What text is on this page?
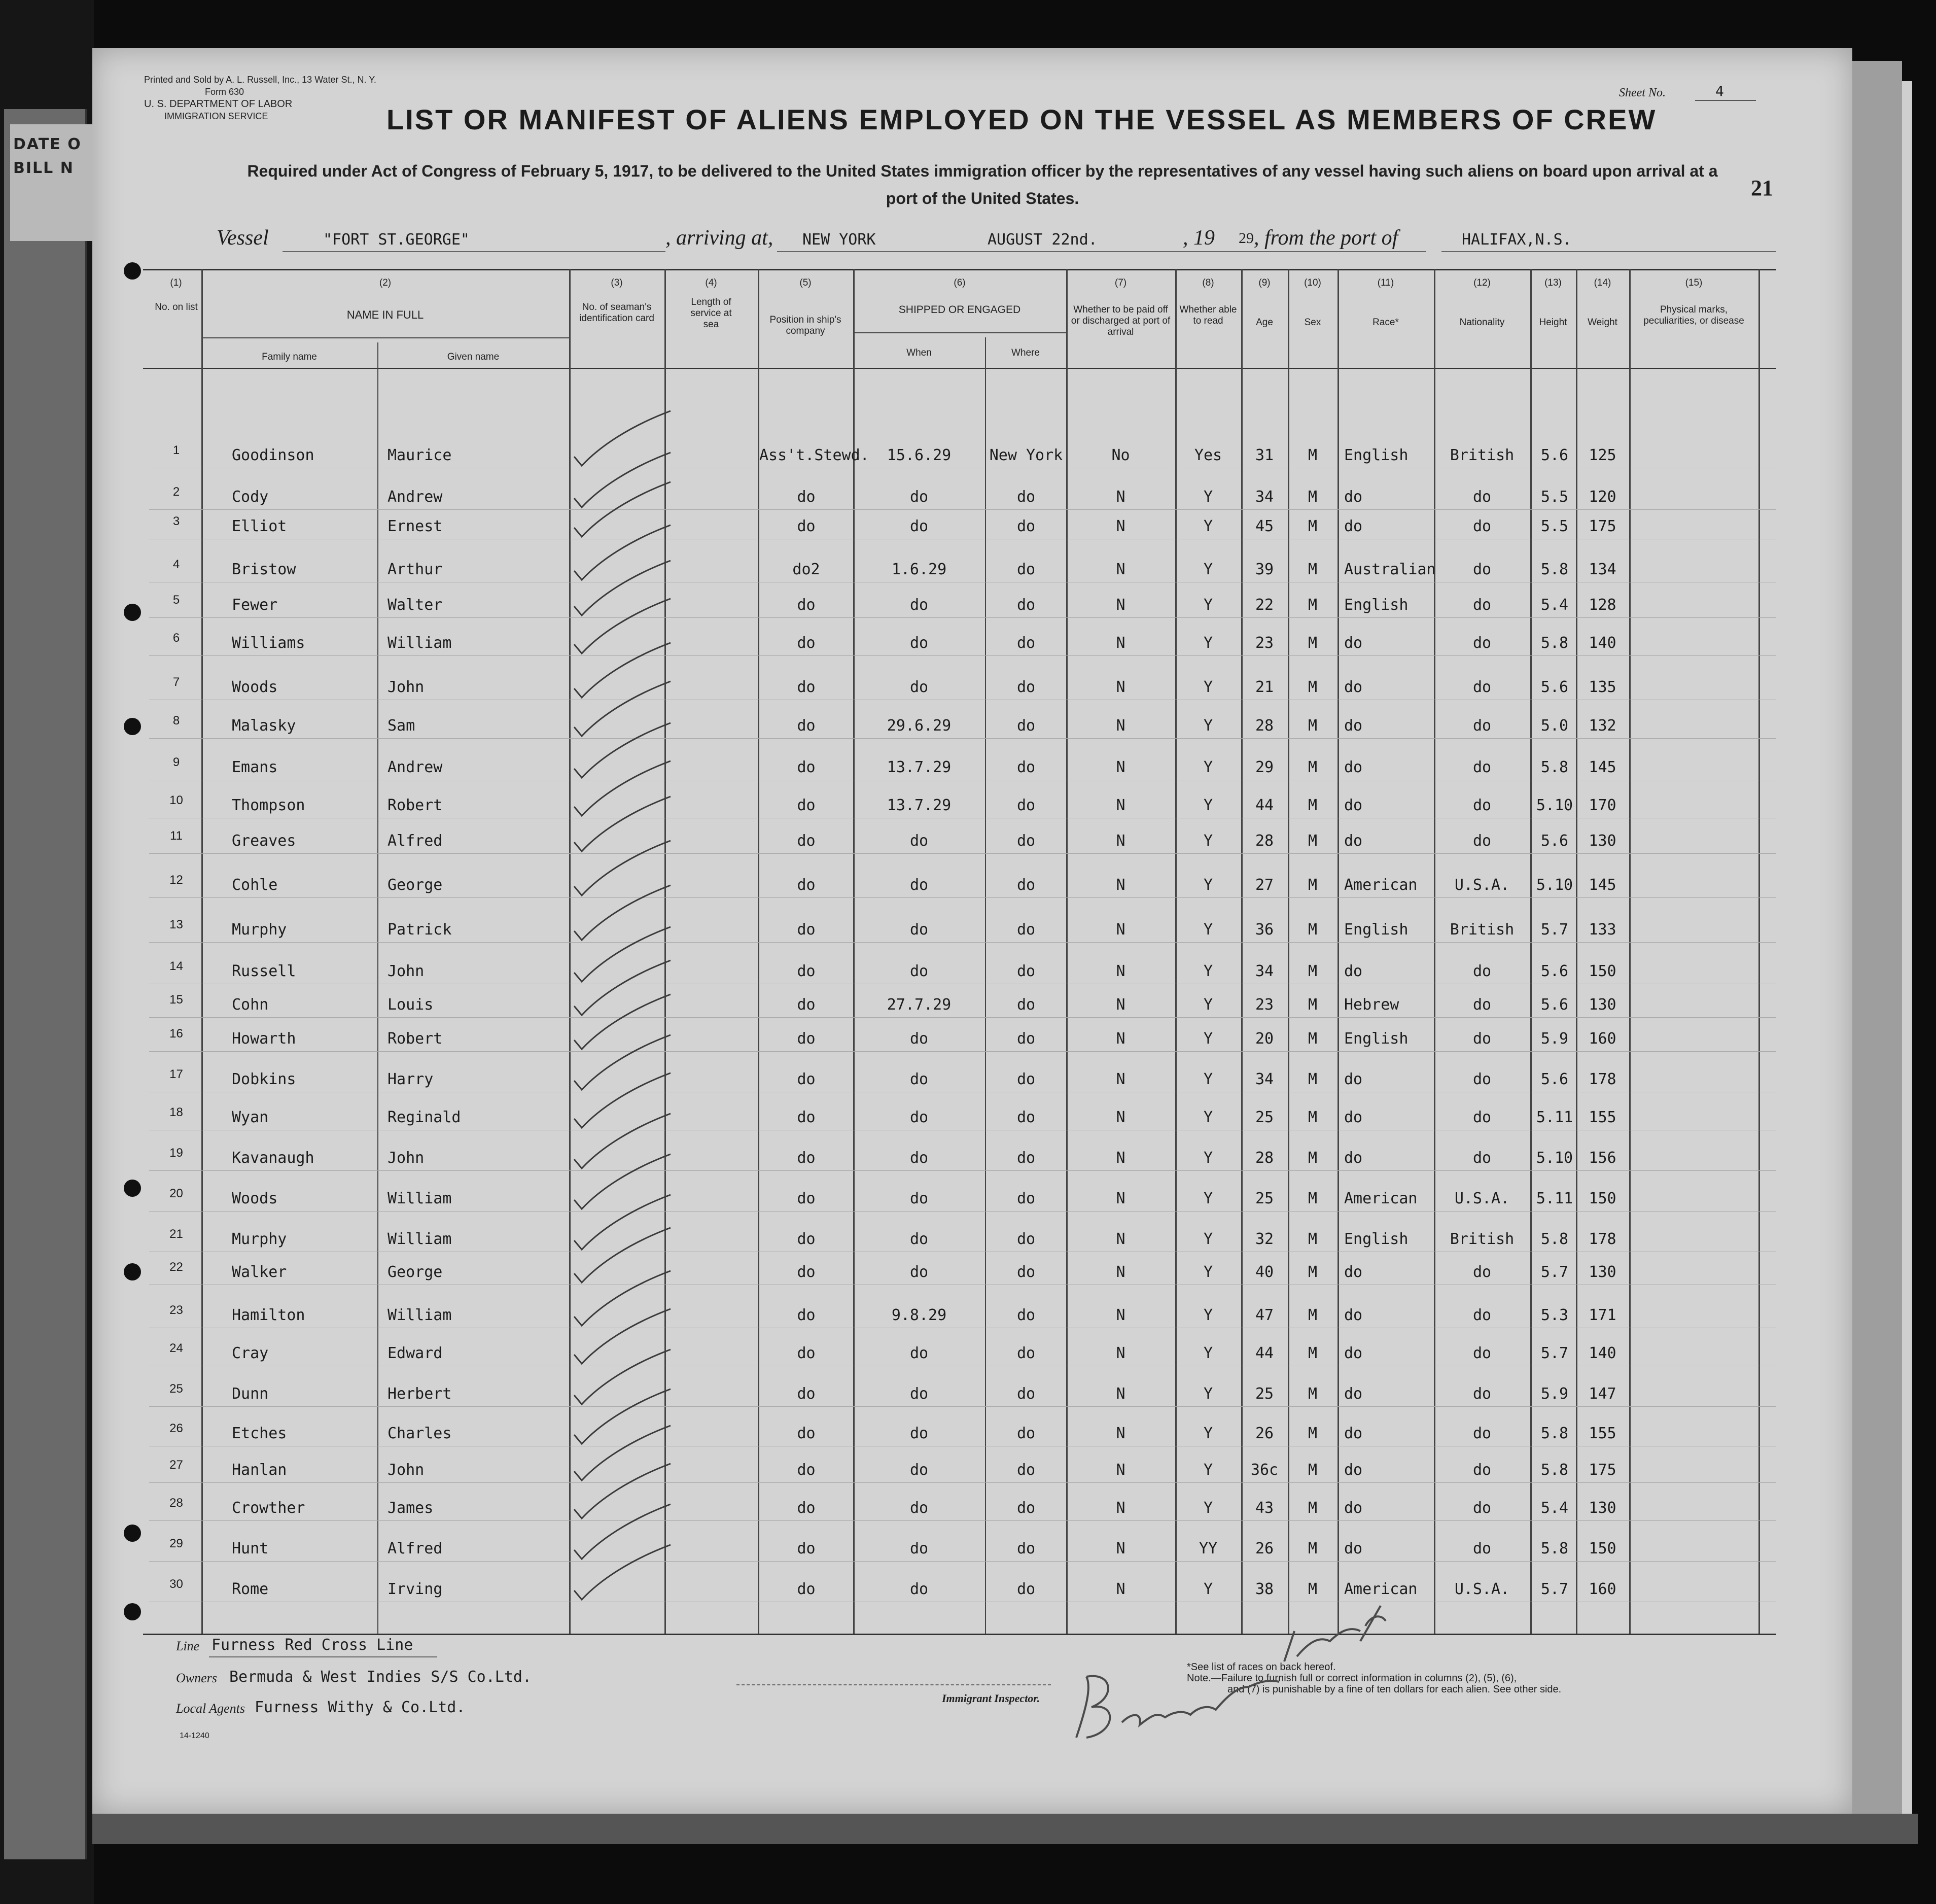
DATE O
BILL N
Printed and Sold by A. L. Russell, Inc., 13 Water St., N. Y.
Form 630
U. S. DEPARTMENT OF LABOR
IMMIGRATION SERVICE
Sheet No.	4
LIST OR MANIFEST OF ALIENS EMPLOYED ON THE VESSEL AS MEMBERS OF CREW
Required under Act of Congress of February 5, 1917, to be delivered to the United States immigration officer by the representatives of any vessel having such aliens on board upon arrival at a
port of the United States.	21
Vessel	"FORT ST.GEORGE"	, arriving at, NEW YORK	AUGUST 22nd.	, 19 29 , from the port of	HALIFAX,N.S.
(1)
No. on list
(2)
NAME IN FULL
Family name	Given name
(3)
No. of seaman's identification card
(4)
Length of service at sea
(5)
Position in ship's company
(6)
SHIPPED OR ENGAGED
When	Where
(7)
Whether to be paid off or discharged at port of arrival
(8)
Whether able to read
(9)
Age
(10)
Sex
(11)
Race*
(12)
Nationality
(13)
Height
(14)
Weight
(15)
Physical marks, peculiarities, or disease
1	Goodinson	Maurice	Ass't.Stewd.	15.6.29	New York	No	Yes	31	M	English	British	5.6	125
2	Cody	Andrew	do	do	do	N	Y	34	M	do	do	5.5	120
3	Elliot	Ernest	do	do	do	N	Y	45	M	do	do	5.5	175
4	Bristow	Arthur	do2	1.6.29	do	N	Y	39	M	Australian	do	5.8	134
5	Fewer	Walter	do	do	do	N	Y	22	M	English	do	5.4	128
6	Williams	William	do	do	do	N	Y	23	M	do	do	5.8	140
7	Woods	John	do	do	do	N	Y	21	M	do	do	5.6	135
8	Malasky	Sam	do	29.6.29	do	N	Y	28	M	do	do	5.0	132
9	Emans	Andrew	do	13.7.29	do	N	Y	29	M	do	do	5.8	145
10	Thompson	Robert	do	13.7.29	do	N	Y	44	M	do	do	5.10	170
11	Greaves	Alfred	do	do	do	N	Y	28	M	do	do	5.6	130
12	Cohle	George	do	do	do	N	Y	27	M	American	U.S.A.	5.10	145
13	Murphy	Patrick	do	do	do	N	Y	36	M	English	British	5.7	133
14	Russell	John	do	do	do	N	Y	34	M	do	do	5.6	150
15	Cohn	Louis	do	27.7.29	do	N	Y	23	M	Hebrew	do	5.6	130
16	Howarth	Robert	do	do	do	N	Y	20	M	English	do	5.9	160
17	Dobkins	Harry	do	do	do	N	Y	34	M	do	do	5.6	178
18	Wyan	Reginald	do	do	do	N	Y	25	M	do	do	5.11	155
19	Kavanaugh	John	do	do	do	N	Y	28	M	do	do	5.10	156
20	Woods	William	do	do	do	N	Y	25	M	American	U.S.A.	5.11	150
21	Murphy	William	do	do	do	N	Y	32	M	English	British	5.8	178
22	Walker	George	do	do	do	N	Y	40	M	do	do	5.7	130
23	Hamilton	William	do	9.8.29	do	N	Y	47	M	do	do	5.3	171
24	Cray	Edward	do	do	do	N	Y	44	M	do	do	5.7	140
25	Dunn	Herbert	do	do	do	N	Y	25	M	do	do	5.9	147
26	Etches	Charles	do	do	do	N	Y	26	M	do	do	5.8	155
27	Hanlan	John	do	do	do	N	Y	36c	M	do	do	5.8	175
28	Crowther	James	do	do	do	N	Y	43	M	do	do	5.4	130
29	Hunt	Alfred	do	do	do	N	YY	26	M	do	do	5.8	150
30	Rome	Irving	do	do	do	N	Y	38	M	American	U.S.A.	5.7	160
Line Furness Red Cross Line
Owners Bermuda & West Indies S/S Co.Ltd.
Local Agents Furness Withy & Co.Ltd.
14-1240
Immigrant Inspector.
*See list of races on back hereof.
Note.—Failure to furnish full or correct information in columns (2), (5), (6),
and (7) is punishable by a fine of ten dollars for each alien. See other side.
